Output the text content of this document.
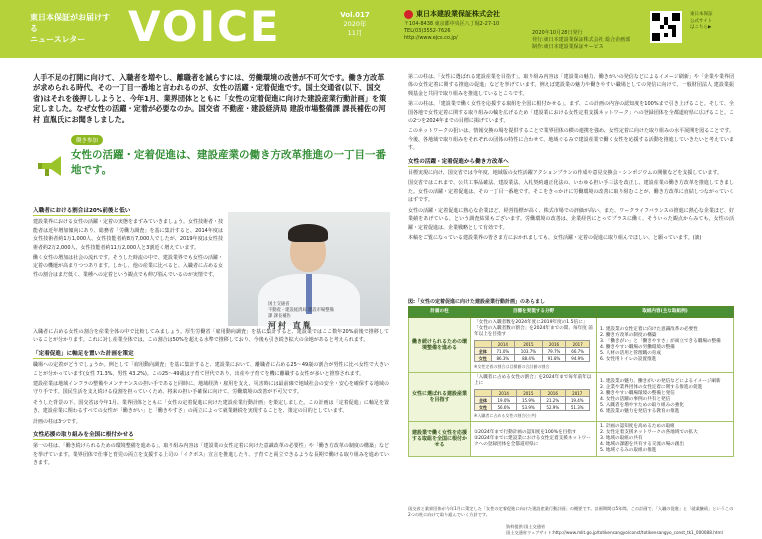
東日本保証がお届けする
ニュースレター	VOICE	Vol.017
2020年
11月
東日本建設業保証株式会社
〒104-8438 東京都中央区八丁堀2-27-10
TEL(03)3552-7626
http://www.ejcs.co.jp/
2020年10月28日発行
発行:東日本建設業保証株式会社 総合企画部
制作:東日本建設業保証サービス
東日本保証
公式サイト
はこちら▶
人手不足の打開に向けて、入職者を増やし、離職者を減らすには、労働環境の改善が不可欠です。働き方改革が求められる時代、その一丁目一番地と言われるのが、女性の活躍・定着促進です。国土交通省(以下、国交省)はそれを後押ししようと、今年1月、業界団体とともに「女性の定着促進に向けた建設産業行動計画」を策定しました。なぜ女性の活躍・定着が必要なのか。国交省 不動産・建設経済局 建設市場整備課 課長補佐の河村 直胤氏にお聞きしました。
働き参加
女性の活躍・定着促進は、建設産業の働き方改革推進の一丁目一番地です。
入職者における割合は20%前後と低い

建設業界における女性の活躍・定着の実態をまずみていきましょう。女性技術者・技能者は近年増加傾向にあり、総務省「労働力調査」を基に集計すると、2014年度は女性技術者約1万1,000人、女性技能者約8万7,000人でしたが、2019年度は女性技術者約2万2,000人、女性技能者約11万2,000人と3割近く増えています。

働く女性の増加は社会の流れです。そうした時流の中で、建設業界でも女性の活躍・定着の機運が高まりつつあります。しかし、他の産業に比べると、入職者に占める女性の割合はまだ低く、業種への定着という観点でも伸び悩んでいるのが実情です。

入職者に占める女性の割合を産業全体の中で比較してみましょう。厚生労働省「雇用動向調査」を基に集計すると、建設業ではここ数年20%前後で推移していることが分かります。これに対し産業全体では、この割合は50%を超える水準で推移しており、今後も引き続き拡大の余地があると考えられます。

「定着促進」に軸足を置いた計画を策定

職場への定着がどうでしょうか。例として「雇用動向調査」を基に集計すると、建設業において、離職者に占める25〜49歳の割合が男性に比べ女性で大きいことが分かっています(女性 71.3%、男性 43.2%)。この25〜49歳は子育て世代であり、出産や子育てを機に離職する女性が多いと推察されます。

建設産業は地域インフラの整備やメンテナンスの担い手であると同時に、地域経済・雇用を支え、災害時には最前線で地域社会の安全・安心を確保する地域の守り手です。国民生活を支え続ける役割を担っていくため、将来の担い手確保に向けて、労働環境の改善が不可欠です。

そうした背景の下、国交省は今年1月、業界団体とともに「女性の定着促進に向けた建設産業行動計画」を策定しました。この計画は「定着促進」に軸足を置き、建設産業に関わるすべての女性が「働きがい」と「働きやすさ」の両立によって就業継続を実現することを、策定の目的としています。

計画の柱は3つです。

女性応援の取り組みを全国に根付かせる

第一の柱は、「働き続けられるための環境整備を進める」。取り組み内容は「建設業の女性定着に向けた意識改革の必要性」や「働き方改革の制度の構築」などを挙げています。業界団体で仕事と育児の両立を支援する上司の「イクボス」宣言を推進したり、子育てと両立できるような長期で働ける取り組みを進めていきます。

国土交通省
不動産・建設経済局 建設市場整備課 課長補佐
河村 直胤

第二の柱は、「女性に選ばれる建設産業を目指す」。取り組み内容は「建設業の魅力、働きがいの発信などによるイメージ刷新」や「企業や業界団体の女性定着に関する推進の促進」などを挙げています。例えば建設業の魅力や働きやすい職場としての発信に向けて、一般財団法人 建設業振興基金と共同で取り組みを推進しているところです。

第三の柱は、「建設業で働く女性を応援する取組を全国に根付かせる」。まず、この計画の内容の認知度を100%まで引き上げること。そして、全国各地で女性定着に関する取り組みの輪を広げるため「建設業における女性定着支援ネットワーク」への登録団体を全都道府県に広げること。この2つを2024年までの目標に掲げています。

このネットワークの狙いは、情報交換の場を提供することで業界団体の横の連携を強め、女性定着に向けた取り組みの水平展開を図ることです。今後、各地域で取り組みをそれぞれの団体の特性に合わせて、地域ぐるみで建設産業で働く女性を応援する活動を推進していきたいと考えています。

女性の活躍・定着促進から働き方改革へ

目標実現に向け、国交省では今年度、地域版の女性活躍アクションプランの作成や意見交換会・シンポジウムの開催などを支援しています。

国交省ではこれまで、公共工事品確法、建設業法、入札契約適正化法の、いわゆる担い手三法を改正し、建設産業の働き方改革を推進してきました。女性の活躍・定着促進は、その一丁目一番地です。そこをきっかけに労働環境の改善に取り組むことが、働き方改革に直結しつながっていくはずです。

女性の活躍・定着促進に熱心な企業ほど、経営指標が高く、株式市場での評価が高い、また、ワークライフバランスの推進に熱心な企業ほど、好業績をあげている、という調査結果もございます。労働環境の改善は、企業経営にとってプラスに働く、そういった観点からみても、女性の活躍・定着促進は、企業戦略として有効です。

本稿をご覧になっている建設業界の皆さま方におかれましても、女性活躍・定着の促進に取り組んでほしい、と願っています。(談)

図:「女性の定着促進に向けた建設産業行動計画」のあらまし
計画の柱	目標を実現する分野	取組内容(主な取組例)
働き続けられるための環境整備を進める	
「女性の入職者数を2024年度に2019年度の1.5倍に」「女性の入職者数の割合」を2024年までの間、毎年度 前年以上を目指す
	2014	2015	2016	2017
全体	71.0%	103.7%	79.7%	66.7%
女性	86.3%	88.4%	91.8%	94.9%
※女性定着の割合は目標値の合計値の割合

1. 建設業の女性定着に向けた意識改革の必要性
2. 働き方改革の制度の構築
3. 「働きがい」と「働きやすさ」が両立できる職場の整備
4. 働きやすい職場の労働環境の整備
5. 人材の活用と管理職の育成
6. 女性用トイレの設置推進

女性に選ばれる建設産業を目指す	
「入職者に占める女性の割合」を2024年まで毎年前年以上に
	2014	2015	2016	2017
全体	19.0%	15.9%	21.2%	19.4%
女性	56.6%	53.9%	52.9%	51.3%
※入職者に占める女性の割合(公共)

1. 建設業の魅力、働きがいの発信などによるイメージ刷新
2. 企業や業界団体の女性定着に関する推進の促進
3. 働きやすい職場環境の整備と発信
4. 女性の活躍の事例の共有と発信
5. 入職者を増やすための取り組みの強化
6. 建設業の魅力を発信する教育の推進

建設業で働く女性を応援する取組を全国に根付かせる	
①2024年まで行動計画の認知度を100%を目指す ②2024年までに建設業における女性定着支援ネットワークへの登録団体を全都道府県に

1. 計画の認知度を高めるための取組
2. 女性定着支援ネットワークの各地域での拡大
3. 地域の取組の共有
4. 地域の課題を共有する交流の場の創出
5. 地域ぐるみの取組の推進
国交省と業界団体が今年1月に策定した「女性の定着促進に向けた建設産業行動計画」の概要です。計画期間は5年間。この計画で、「入職の促進」と「就業継続」というこの2つの柱に向けて取り組んでいく方針です。
資料提供:国土交通省
国土交通省ウェブサイト:http://www.mlit.go.jp/totikensangyo/const/totikensangyo_const_tk1_000088.html
